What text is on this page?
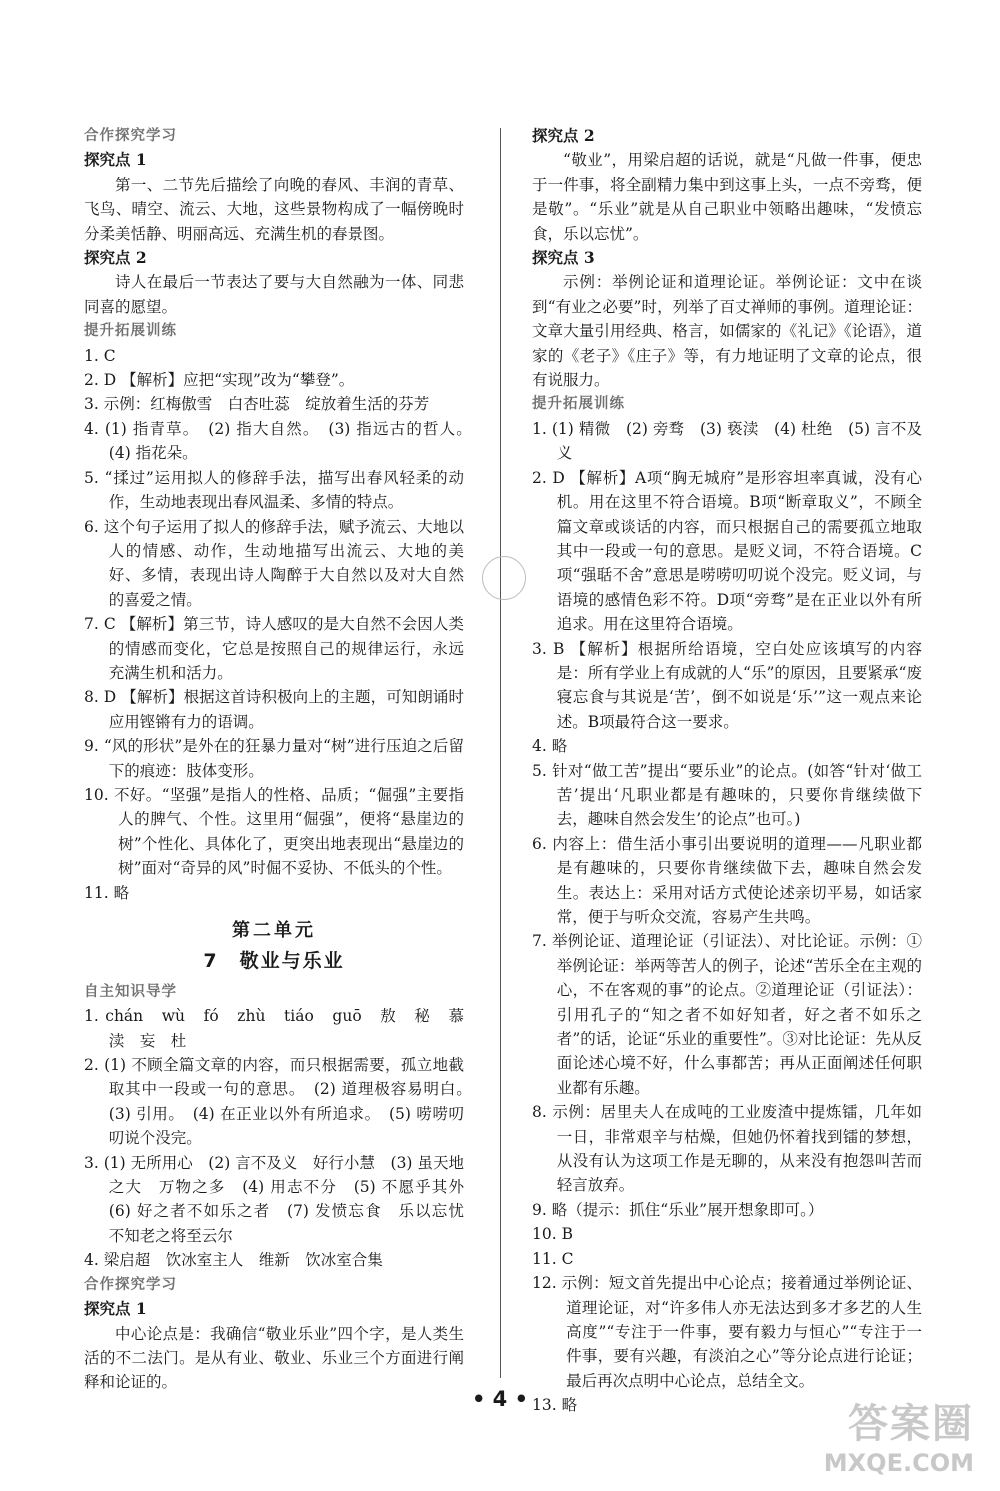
合作探究学习
探究点 1
第一、二节先后描绘了向晚的春风、丰润的青草、飞鸟、晴空、流云、大地，这些景物构成了一幅傍晚时分柔美恬静、明丽高远、充满生机的春景图。
探究点 2
诗人在最后一节表达了要与大自然融为一体、同悲同喜的愿望。
提升拓展训练
1. C
2. D 【解析】应把“实现”改为“攀登”。
3. 示例：红梅傲雪　白杏吐蕊　绽放着生活的芬芳
4. (1) 指青草。　(2) 指大自然。　(3) 指远古的哲人。　(4) 指花朵。
5. “揉过”运用拟人的修辞手法，描写出春风轻柔的动作，生动地表现出春风温柔、多情的特点。
6. 这个句子运用了拟人的修辞手法，赋予流云、大地以人的情感、动作，生动地描写出流云、大地的美好、多情，表现出诗人陶醉于大自然以及对大自然的喜爱之情。
7. C 【解析】第三节，诗人感叹的是大自然不会因人类的情感而变化，它总是按照自己的规律运行，永远充满生机和活力。
8. D 【解析】根据这首诗积极向上的主题，可知朗诵时应用铿锵有力的语调。
9. “风的形状”是外在的狂暴力量对“树”进行压迫之后留下的痕迹：肢体变形。
10. 不好。“坚强”是指人的性格、品质；“倔强”主要指人的脾气、个性。这里用“倔强”，便将“悬崖边的树”个性化、具体化了，更突出地表现出“悬崖边的树”面对“奇异的风”时倔不妥协、不低头的个性。
11. 略
第二单元
7　敬业与乐业
自主知识导学
1. chán　wù　fó　zhù　tiáo　guō　敖　秘　慕　渎　妄　杜
2. (1) 不顾全篇文章的内容，而只根据需要，孤立地截取其中一段或一句的意思。　(2) 道理极容易明白。　(3) 引用。　(4) 在正业以外有所追求。　(5) 唠唠叨叨说个没完。
3. (1) 无所用心　(2) 言不及义　好行小慧　(3) 虽天地之大　万物之多　(4) 用志不分　(5) 不愿乎其外　(6) 好之者不如乐之者　(7) 发愤忘食　乐以忘忧　不知老之将至云尔
4. 梁启超　饮冰室主人　维新　饮冰室合集
合作探究学习
探究点 1
中心论点是：我确信“敬业乐业”四个字，是人类生活的不二法门。是从有业、敬业、乐业三个方面进行阐释和论证的。
探究点 2
“敬业”，用梁启超的话说，就是“凡做一件事，便忠于一件事，将全副精力集中到这事上头，一点不旁骛，便是敬”。“乐业”就是从自己职业中领略出趣味，“发愤忘食，乐以忘忧”。
探究点 3
示例：举例论证和道理论证。举例论证：文中在谈到“有业之必要”时，列举了百丈禅师的事例。道理论证：文章大量引用经典、格言，如儒家的《礼记》《论语》，道家的《老子》《庄子》等，有力地证明了文章的论点，很有说服力。
提升拓展训练
1. (1) 精微　(2) 旁骛　(3) 亵渎　(4) 杜绝　(5) 言不及义
2. D 【解析】A项“胸无城府”是形容坦率真诚，没有心机。用在这里不符合语境。B项“断章取义”，不顾全篇文章或谈话的内容，而只根据自己的需要孤立地取其中一段或一句的意思。是贬义词，不符合语境。C项“强聒不舍”意思是唠唠叨叨说个没完。贬义词，与语境的感情色彩不符。D项“旁骛”是在正业以外有所追求。用在这里符合语境。
3. B 【解析】根据所给语境，空白处应该填写的内容是：所有学业上有成就的人“乐”的原因，且要紧承“废寝忘食与其说是‘苦’，倒不如说是‘乐’”这一观点来论述。B项最符合这一要求。
4. 略
5. 针对“做工苦”提出“要乐业”的论点。(如答“针对‘做工苦’提出‘凡职业都是有趣味的，只要你肯继续做下去，趣味自然会发生’的论点”也可。)
6. 内容上：借生活小事引出要说明的道理——凡职业都是有趣味的，只要你肯继续做下去，趣味自然会发生。表达上：采用对话方式使论述亲切平易，如话家常，便于与听众交流，容易产生共鸣。
7. 举例论证、道理论证（引证法）、对比论证。示例：①举例论证：举两等苦人的例子，论述“苦乐全在主观的心，不在客观的事”的论点。②道理论证（引证法）：引用孔子的“知之者不如好知者，好之者不如乐之者”的话，论证“乐业的重要性”。③对比论证：先从反面论述心境不好，什么事都苦；再从正面阐述任何职业都有乐趣。
8. 示例：居里夫人在成吨的工业废渣中提炼镭，几年如一日，非常艰辛与枯燥，但她仍怀着找到镭的梦想，从没有认为这项工作是无聊的，从来没有抱怨叫苦而轻言放弃。
9. 略（提示：抓住“乐业”展开想象即可。）
10. B
11. C
12. 示例：短文首先提出中心论点；接着通过举例论证、道理论证，对“许多伟人亦无法达到多才多艺的人生高度”“专注于一件事，要有毅力与恒心”“专注于一件事，要有兴趣，有淡泊之心”等分论点进行论证；最后再次点明中心论点，总结全文。
13. 略
• 4 •
答案圈
MXQE.COM
